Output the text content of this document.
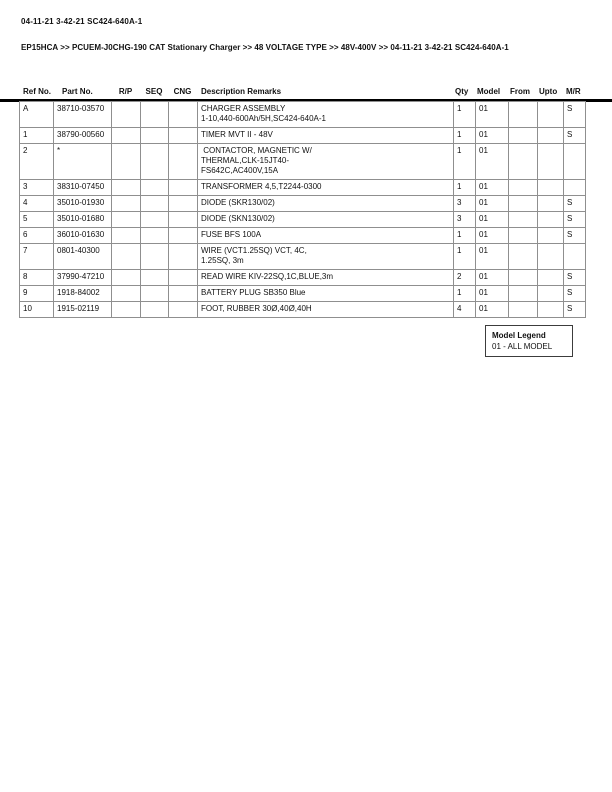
04-11-21 3-42-21 SC424-640A-1
EP15HCA >> PCUEM-J0CHG-190 CAT Stationary Charger >> 48 VOLTAGE TYPE >> 48V-400V >> 04-11-21 3-42-21 SC424-640A-1
Ref No.	Part No.	R/P	SEQ	CNG	Description Remarks	Qty	Model	From	Upto	M/R
A	38710-03570				CHARGER ASSEMBLY
1-10,440-600Ah/5H,SC424-640A-1	1	01			S
1	38790-00560				TIMER MVT II - 48V	1	01			S
2	*				CONTACTOR, MAGNETIC W/
THERMAL,CLK-15JT40-
FS642C,AC400V,15A	1	01			
3	38310-07450				TRANSFORMER 4,5,T2244-0300	1	01			
4	35010-01930				DIODE (SKR130/02)	3	01			S
5	35010-01680				DIODE (SKN130/02)	3	01			S
6	36010-01630				FUSE BFS 100A	1	01			S
7	0801-40300				WIRE (VCT1.25SQ) VCT, 4C,
1.25SQ, 3m	1	01			
8	37990-47210				READ WIRE KIV-22SQ,1C,BLUE,3m	2	01			S
9	1918-84002				BATTERY PLUG SB350 Blue	1	01			S
10	1915-02119				FOOT, RUBBER 30Ø,40Ø,40H	4	01			S
Model Legend
01 - ALL MODEL
